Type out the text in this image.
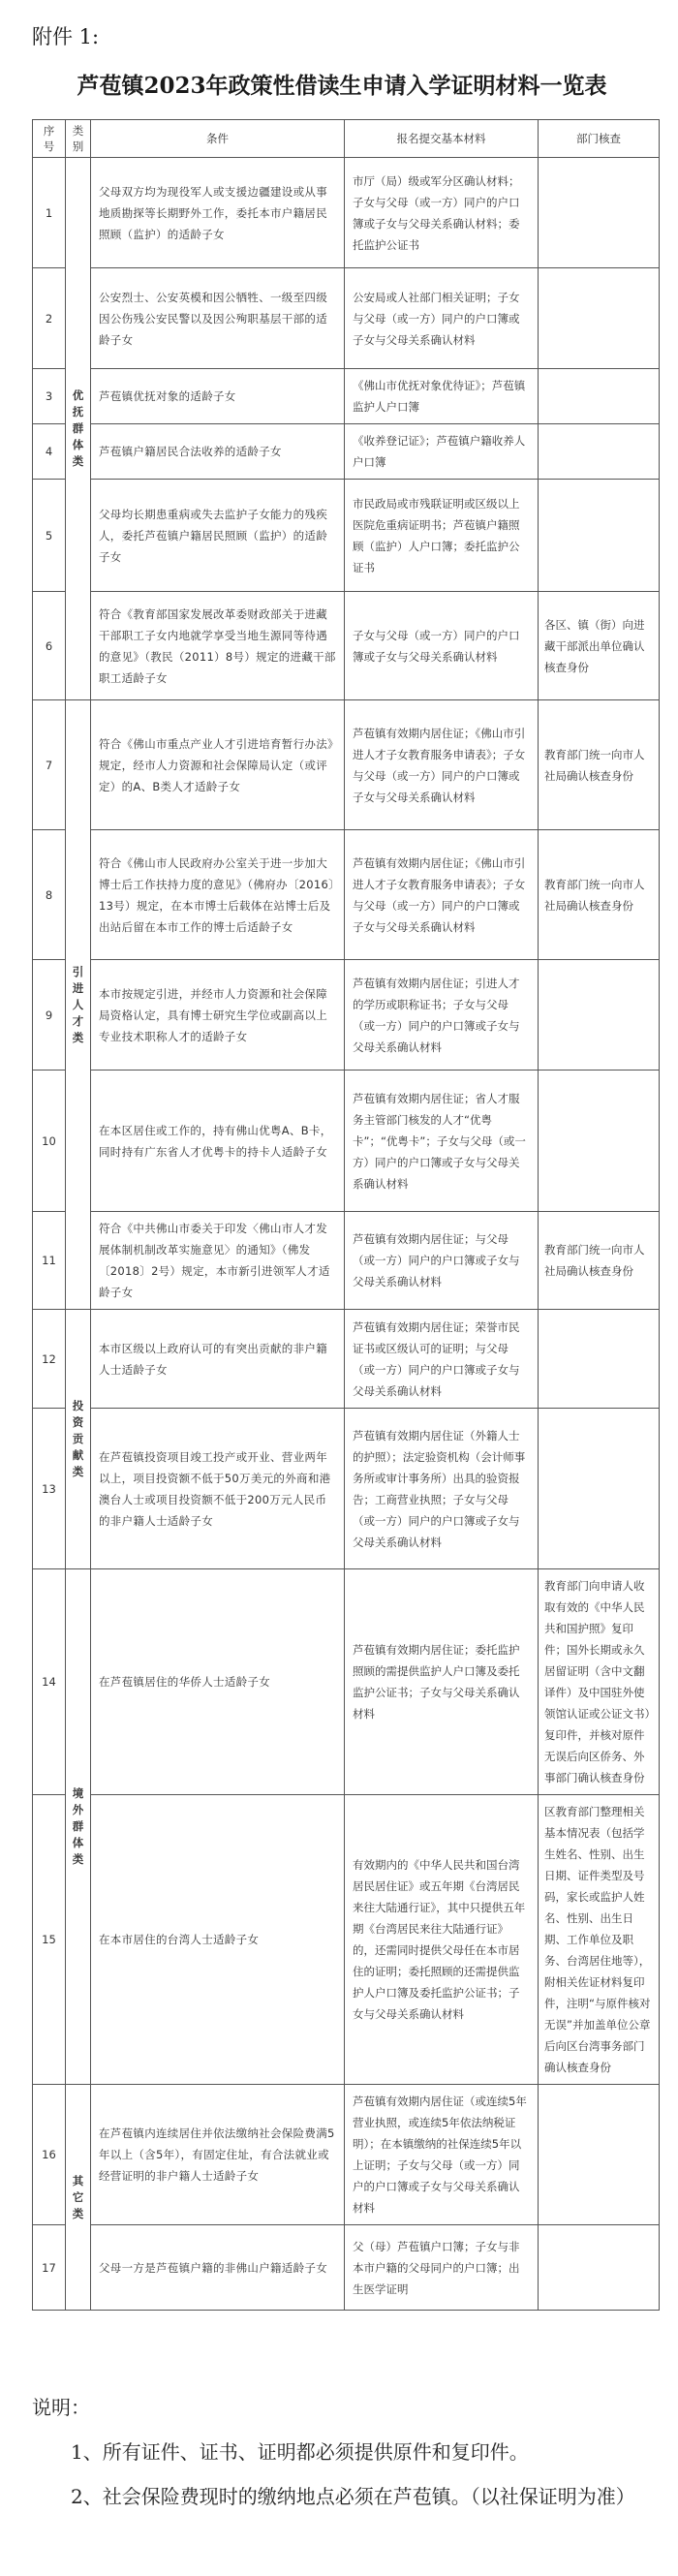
附件 1:
芦苞镇2023年政策性借读生申请入学证明材料一览表
序号	类别	条件	报名提交基本材料	部门核查
1	优抚群体类	父母双方均为现役军人或支援边疆建设或从事地质勘探等长期野外工作，委托本市户籍居民照顾（监护）的适龄子女	市厅（局）级或军分区确认材料；子女与父母（或一方）同户的户口簿或子女与父母关系确认材料；委托监护公证书	
2		公安烈士、公安英模和因公牺牲、一级至四级因公伤残公安民警以及因公殉职基层干部的适龄子女	公安局或人社部门相关证明；子女与父母（或一方）同户的户口簿或子女与父母关系确认材料	
3		芦苞镇优抚对象的适龄子女	《佛山市优抚对象优待证》；芦苞镇监护人户口簿	
4		芦苞镇户籍居民合法收养的适龄子女	《收养登记证》；芦苞镇户籍收养人户口簿	
5		父母均长期患重病或失去监护子女能力的残疾人，委托芦苞镇户籍居民照顾（监护）的适龄子女	市民政局或市残联证明或区级以上医院危重病证明书；芦苞镇户籍照顾（监护）人户口簿；委托监护公证书	
6		符合《教育部国家发展改革委财政部关于进藏干部职工子女内地就学享受当地生源同等待遇的意见》（教民（2011）8号）规定的进藏干部职工适龄子女	子女与父母（或一方）同户的户口簿或子女与父母关系确认材料	各区、镇（街）向进藏干部派出单位确认核查身份
7	引进人才类	符合《佛山市重点产业人才引进培育暂行办法》规定，经市人力资源和社会保障局认定（或评定）的A、B类人才适龄子女	芦苞镇有效期内居住证；《佛山市引进人才子女教育服务申请表》；子女与父母（或一方）同户的户口簿或子女与父母关系确认材料	教育部门统一向市人社局确认核查身份
8		符合《佛山市人民政府办公室关于进一步加大博士后工作扶持力度的意见》（佛府办〔2016〕13号）规定，在本市博士后载体在站博士后及出站后留在本市工作的博士后适龄子女	芦苞镇有效期内居住证；《佛山市引进人才子女教育服务申请表》；子女与父母（或一方）同户的户口簿或子女与父母关系确认材料	教育部门统一向市人社局确认核查身份
9		本市按规定引进，并经市人力资源和社会保障局资格认定，具有博士研究生学位或副高以上专业技术职称人才的适龄子女	芦苞镇有效期内居住证；引进人才的学历或职称证书；子女与父母（或一方）同户的户口簿或子女与父母关系确认材料	
10		在本区居住或工作的，持有佛山优粤A、B卡，同时持有广东省人才优粤卡的持卡人适龄子女	芦苞镇有效期内居住证；省人才服务主管部门核发的人才“优粤卡”；“优粤卡”；子女与父母（或一方）同户的户口簿或子女与父母关系确认材料	
11		符合《中共佛山市委关于印发〈佛山市人才发展体制机制改革实施意见〉的通知》（佛发〔2018〕2号）规定，本市新引进领军人才适龄子女	芦苞镇有效期内居住证；与父母（或一方）同户的户口簿或子女与父母关系确认材料	教育部门统一向市人社局确认核查身份
12	投资贡献类	本市区级以上政府认可的有突出贡献的非户籍人士适龄子女	芦苞镇有效期内居住证；荣誉市民证书或区级认可的证明；与父母（或一方）同户的户口簿或子女与父母关系确认材料	
13		在芦苞镇投资项目竣工投产或开业、营业两年以上，项目投资额不低于50万美元的外商和港澳台人士或项目投资额不低于200万元人民币的非户籍人士适龄子女	芦苞镇有效期内居住证（外籍人士的护照）；法定验资机构（会计师事务所或审计事务所）出具的验资报告；工商营业执照；子女与父母（或一方）同户的户口簿或子女与父母关系确认材料	
14	境外群体类	在芦苞镇居住的华侨人士适龄子女	芦苞镇有效期内居住证；委托监护照顾的需提供监护人户口簿及委托监护公证书；子女与父母关系确认材料	教育部门向申请人收取有效的《中华人民共和国护照》复印件；国外长期或永久居留证明（含中文翻译件）及中国驻外使领馆认证或公证文书）复印件，并核对原件无误后向区侨务、外事部门确认核查身份
15		在本市居住的台湾人士适龄子女	有效期内的《中华人民共和国台湾居民居住证》或五年期《台湾居民来往大陆通行证》，其中只提供五年期《台湾居民来往大陆通行证》的，还需同时提供父母任在本市居住的证明；委托照顾的还需提供监护人户口簿及委托监护公证书；子女与父母关系确认材料	区教育部门整理相关基本情况表（包括学生姓名、性别、出生日期、证件类型及号码，家长或监护人姓名、性别、出生日期、工作单位及职务、台湾居住地等），附相关佐证材料复印件，注明“与原件核对无误”并加盖单位公章后向区台湾事务部门确认核查身份
16	其它类	在芦苞镇内连续居住并依法缴纳社会保险费满5年以上（含5年），有固定住址，有合法就业或经营证明的非户籍人士适龄子女	芦苞镇有效期内居住证（或连续5年营业执照，或连续5年依法纳税证明）；在本镇缴纳的社保连续5年以上证明；子女与父母（或一方）同户的户口簿或子女与父母关系确认材料	
17		父母一方是芦苞镇户籍的非佛山户籍适龄子女	父（母）芦苞镇户口簿；子女与非本市户籍的父母同户的户口簿；出生医学证明	
说明：
1、所有证件、证书、证明都必须提供原件和复印件。
2、社会保险费现时的缴纳地点必须在芦苞镇。（以社保证明为准）
